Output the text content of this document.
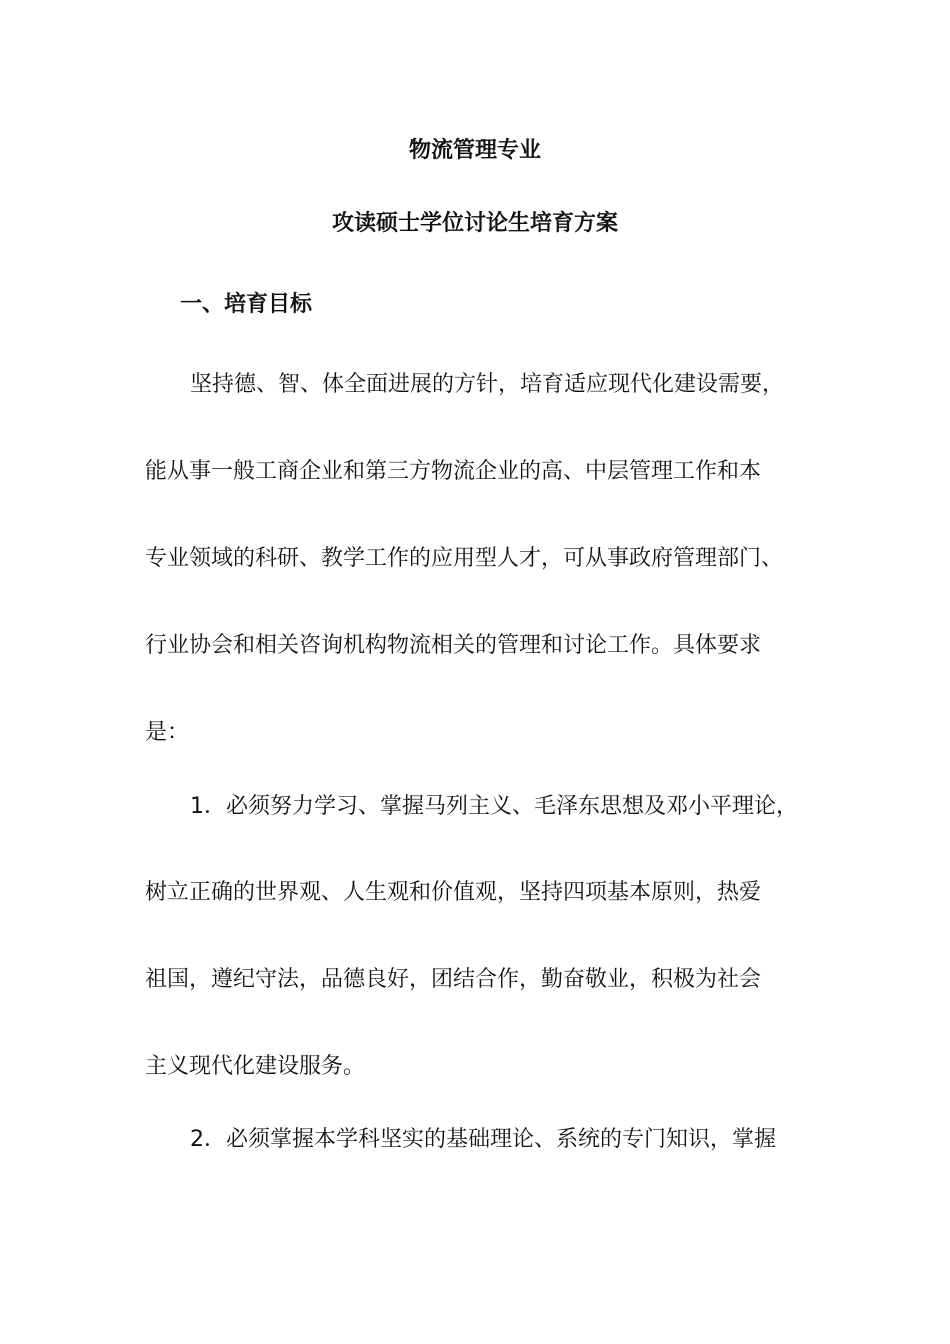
物流管理专业
攻读硕士学位讨论生培育方案
一、培育目标
坚持德、智、体全面进展的方针，培育适应现代化建设需要，
能从事一般工商企业和第三方物流企业的高、中层管理工作和本
专业领域的科研、教学工作的应用型人才，可从事政府管理部门、
行业协会和相关咨询机构物流相关的管理和讨论工作。具体要求
是：
1．必须努力学习、掌握马列主义、毛泽东思想及邓小平理论，
树立正确的世界观、人生观和价值观，坚持四项基本原则，热爱
祖国，遵纪守法，品德良好，团结合作，勤奋敬业，积极为社会
主义现代化建设服务。
2．必须掌握本学科坚实的基础理论、系统的专门知识，掌握
